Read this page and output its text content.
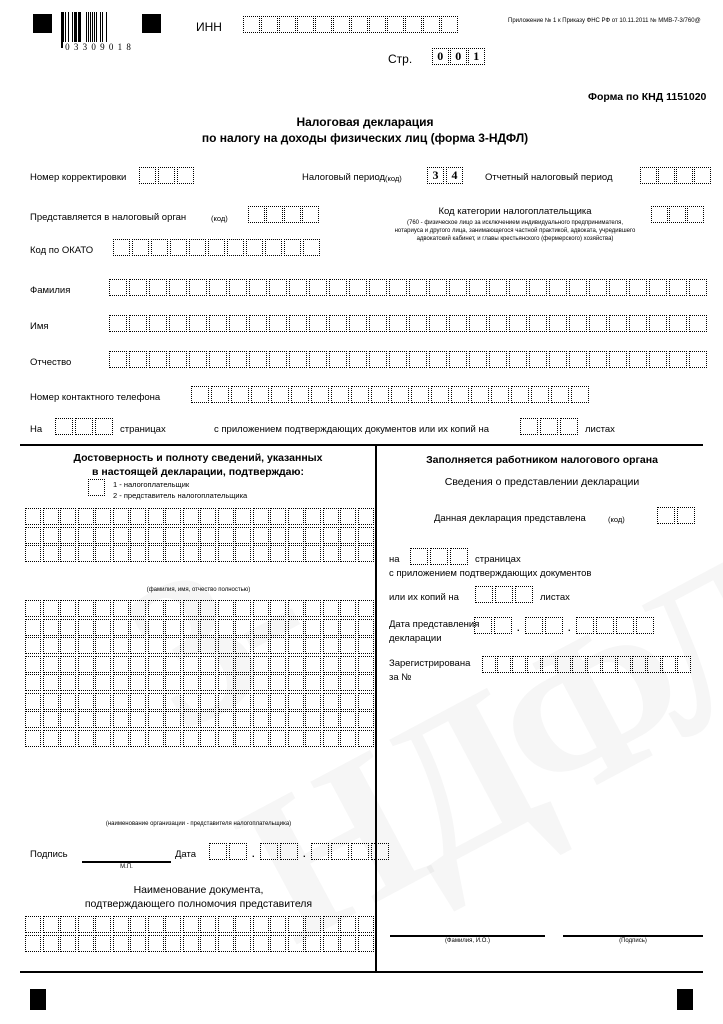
0 3 3 0 9 0 1 8
ИНН
Стр.	0	0	1
Приложение № 1 к Приказу ФНС РФ от 10.11.2011 № ММВ-7-3/760@
Форма по КНД 1151020
Налоговая декларация
по налогу на доходы физических лиц (форма 3-НДФЛ)
Номер корректировки	Налоговый период (код)	3	4	Отчетный налоговый период
Представляется в налоговый орган	(код)
Код категории налогоплательщика
(760 - физическое лицо за исключением индивидуального предпринимателя,
нотариуса и другого лица, занимающегося частной практикой, адвоката, учредившего
адвокатский кабинет, и главы крестьянского (фермерского) хозяйства)
Код по ОКАТО
Фамилия
Имя
Отчество
Номер контактного телефона
На	страницах	с приложением подтверждающих документов или их копий на	листах
Достоверность и полноту сведений, указанных
в настоящей декларации, подтверждаю:
1 - налогоплательщик
2 - представитель налогоплательщика
(фамилия, имя, отчество полностью)
(наименование организации - представителя налогоплательщика)
Подпись
М.П.
Дата	.	.
Наименование документа,
подтверждающего полномочия представителя
Заполняется работником налогового органа
Сведения о представлении декларации
Данная декларация представлена	(код)
на	страницах
с приложением подтверждающих документов
или их копий на	листах
Дата представления
декларации
.	.
Зарегистрирована
за №
(Фамилия, И.О.)	(Подпись)
